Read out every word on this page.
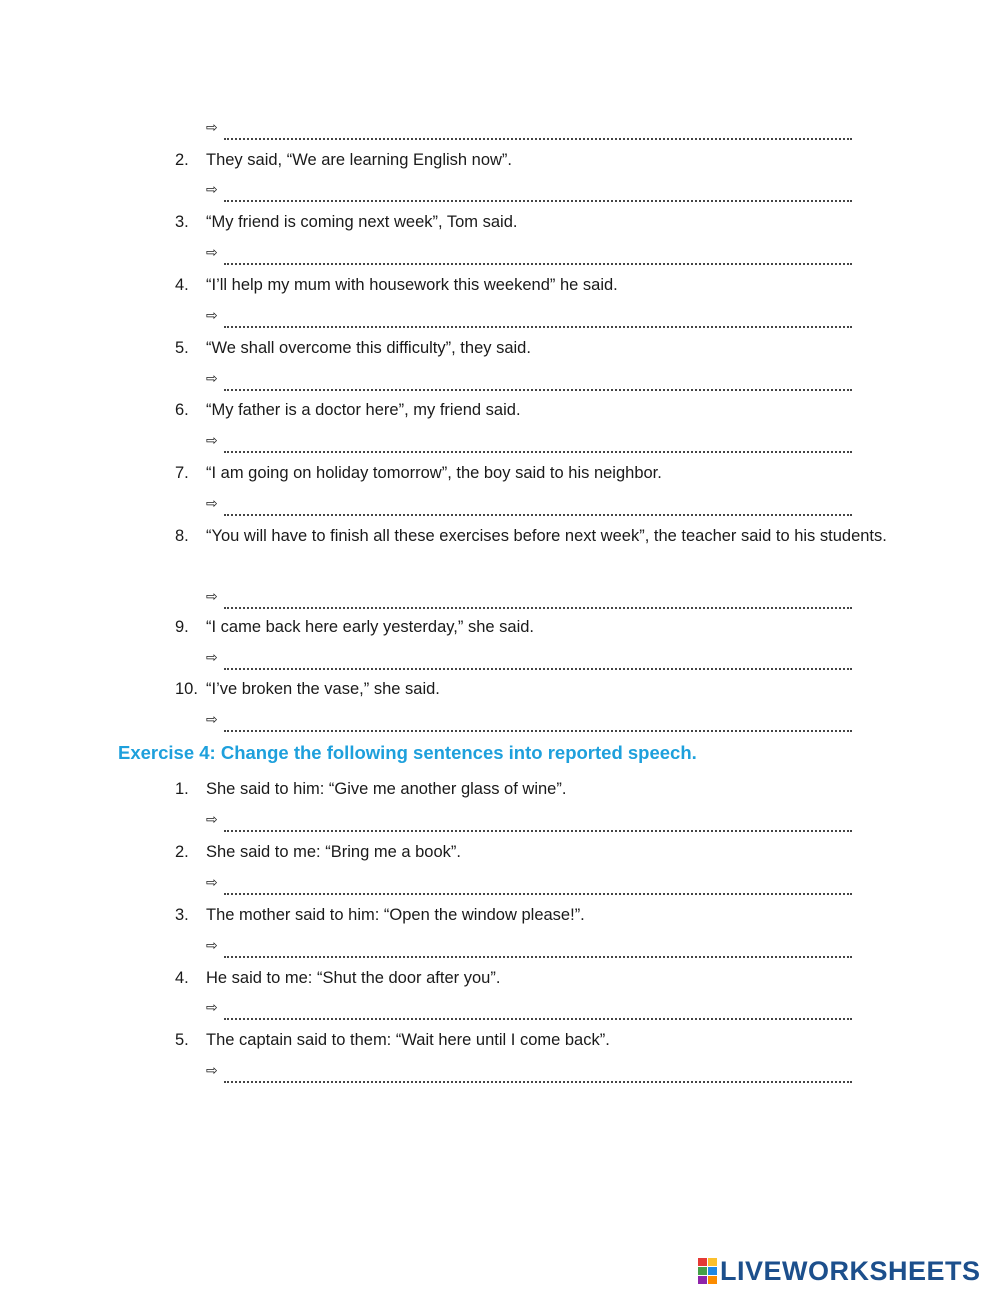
⇨
2.	They said, “We are learning English now”.
⇨
3.	“My friend is coming next week”, Tom said.
⇨
4.	“I’ll help my mum with housework this weekend” he said.
⇨
5.	“We shall overcome this difficulty”, they said.
⇨
6.	“My father is a doctor here”, my friend said.
⇨
7.	“I am going on holiday tomorrow”, the boy said to his neighbor.
⇨
8.	“You will have to finish all these exercises before next week”, the teacher said to his students.
⇨
9.	“I came back here early yesterday,” she said.
⇨
10. “I’ve broken the vase,” she said.
⇨
Exercise 4: Change the following sentences into reported speech.
1.	She said to him: “Give me another glass of wine”.
⇨
2.	She said to me: “Bring me a book”.
⇨
3.	The mother said to him: “Open the window please!”.
⇨
4.	He said to me: “Shut the door after you”.
⇨
5.	The captain said to them: “Wait here until I come back”.
⇨
LIVEWORKSHEETS
